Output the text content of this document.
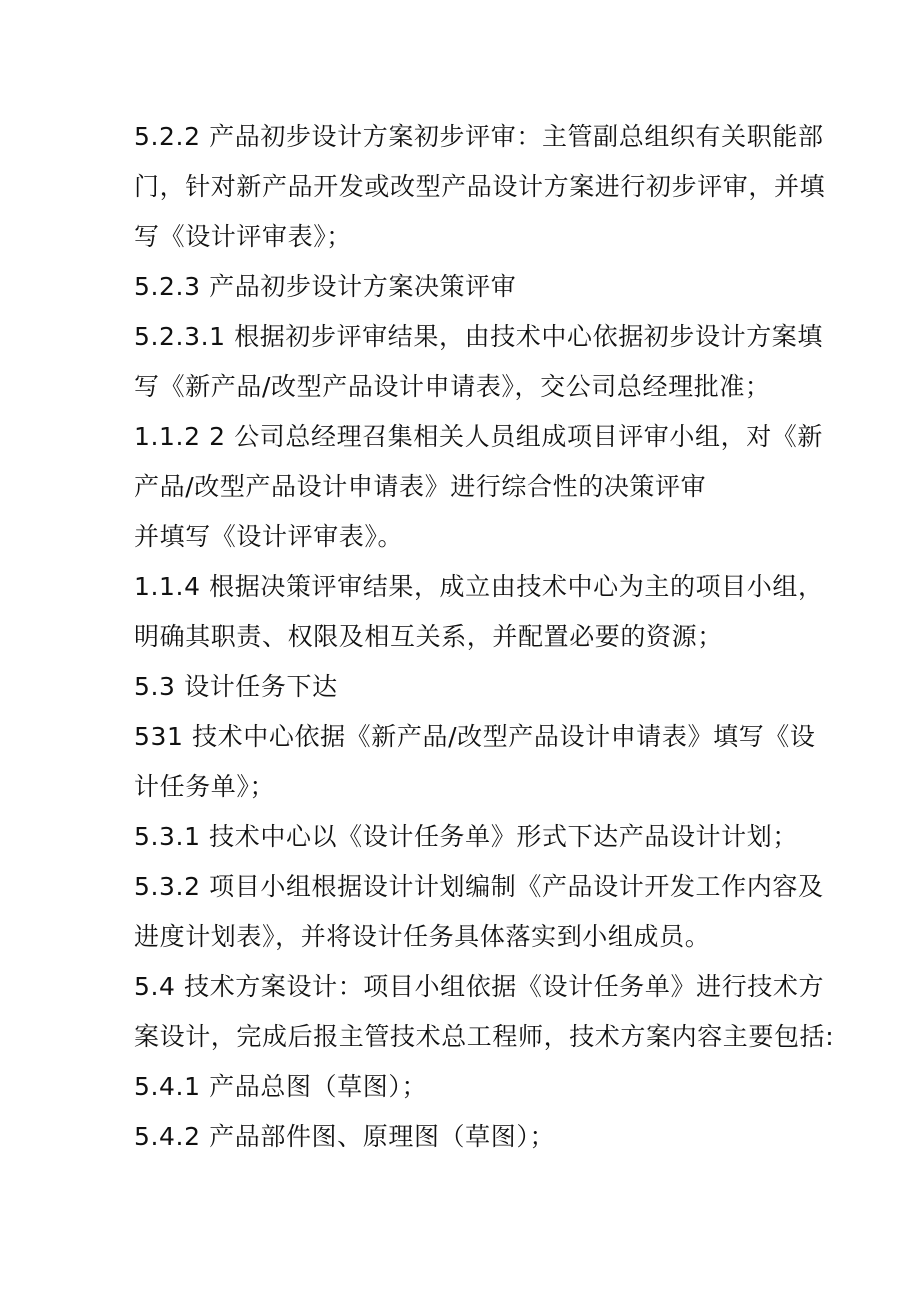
5.2.2 产品初步设计方案初步评审：主管副总组织有关职能部
门，针对新产品开发或改型产品设计方案进行初步评审，并填
写《设计评审表》；
5.2.3 产品初步设计方案决策评审
5.2.3.1 根据初步评审结果，由技术中心依据初步设计方案填
写《新产品/改型产品设计申请表》，交公司总经理批准；
1.1.2 2 公司总经理召集相关人员组成项目评审小组，对《新
产品/改型产品设计申请表》进行综合性的决策评审
并填写《设计评审表》。
1.1.4 根据决策评审结果，成立由技术中心为主的项目小组，
明确其职责、权限及相互关系，并配置必要的资源；
5.3 设计任务下达
531 技术中心依据《新产品/改型产品设计申请表》填写《设
计任务单》；
5.3.1 技术中心以《设计任务单》形式下达产品设计计划；
5.3.2 项目小组根据设计计划编制《产品设计开发工作内容及
进度计划表》，并将设计任务具体落实到小组成员。
5.4 技术方案设计：项目小组依据《设计任务单》进行技术方
案设计，完成后报主管技术总工程师，技术方案内容主要包括:
5.4.1 产品总图（草图）；
5.4.2 产品部件图、原理图（草图）；
